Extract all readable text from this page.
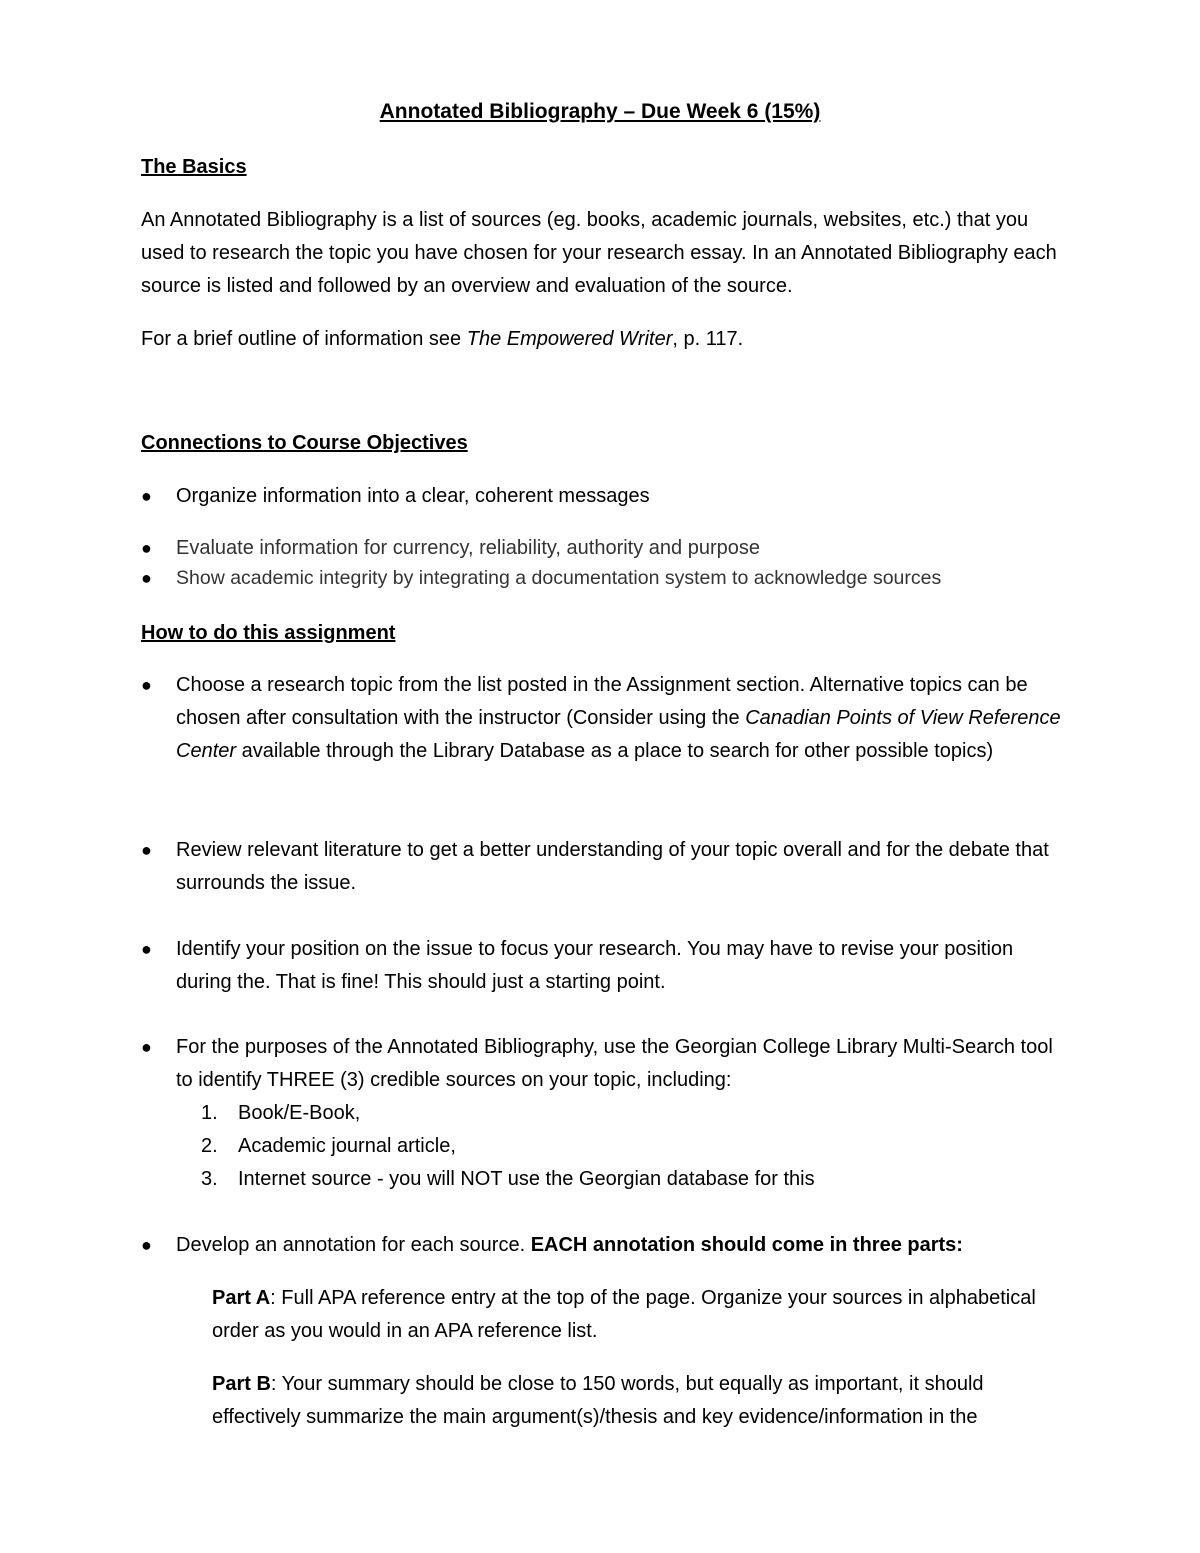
Annotated Bibliography – Due Week 6 (15%)
The Basics

An Annotated Bibliography is a list of sources (eg. books, academic journals, websites, etc.) that you used to research the topic you have chosen for your research essay. In an Annotated Bibliography each source is listed and followed by an overview and evaluation of the source.

For a brief outline of information see The Empowered Writer, p. 117.

Connections to Course Objectives
●	Organize information into a clear, coherent messages

●	Evaluate information for currency, reliability, authority and purpose

●	Show academic integrity by integrating a documentation system to acknowledge sources

How to do this assignment
●	Choose a research topic from the list posted in the Assignment section. Alternative topics can be chosen after consultation with the instructor (Consider using the Canadian Points of View Reference Center available through the Library Database as a place to search for other possible topics)

●	Review relevant literature to get a better understanding of your topic overall and for the debate that surrounds the issue.

●	Identify your position on the issue to focus your research. You may have to revise your position during the. That is fine! This should just a starting point.

●	For the purposes of the Annotated Bibliography, use the Georgian College Library Multi-Search tool to identify THREE (3) credible sources on your topic, including:

1.	Book/E-Book,

2.	Academic journal article,

3.	Internet source - you will NOT use the Georgian database for this

●	Develop an annotation for each source. EACH annotation should come in three parts:

Part A: Full APA reference entry at the top of the page. Organize your sources in alphabetical order as you would in an APA reference list.

Part B: Your summary should be close to 150 words, but equally as important, it should effectively summarize the main argument(s)/thesis and key evidence/information in the
